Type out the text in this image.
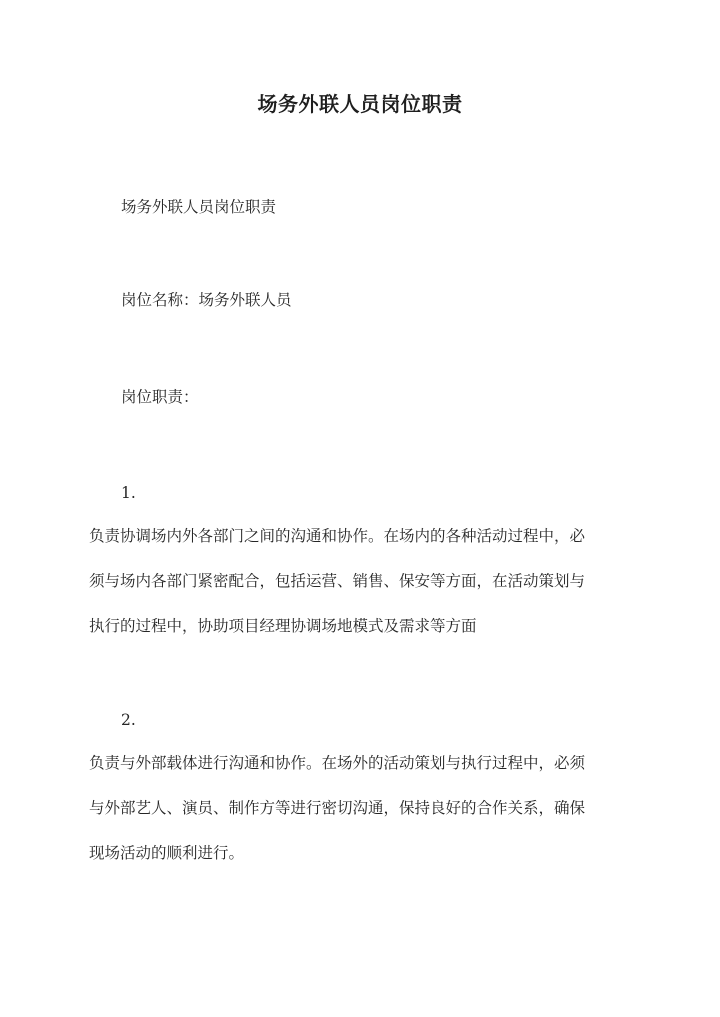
场务外联人员岗位职责
场务外联人员岗位职责
岗位名称：场务外联人员
岗位职责：
1.
负责协调场内外各部门之间的沟通和协作。在场内的各种活动过程中，必
须与场内各部门紧密配合，包括运营、销售、保安等方面，在活动策划与
执行的过程中，协助项目经理协调场地模式及需求等方面
2.
负责与外部载体进行沟通和协作。在场外的活动策划与执行过程中，必须
与外部艺人、演员、制作方等进行密切沟通，保持良好的合作关系，确保
现场活动的顺利进行。
